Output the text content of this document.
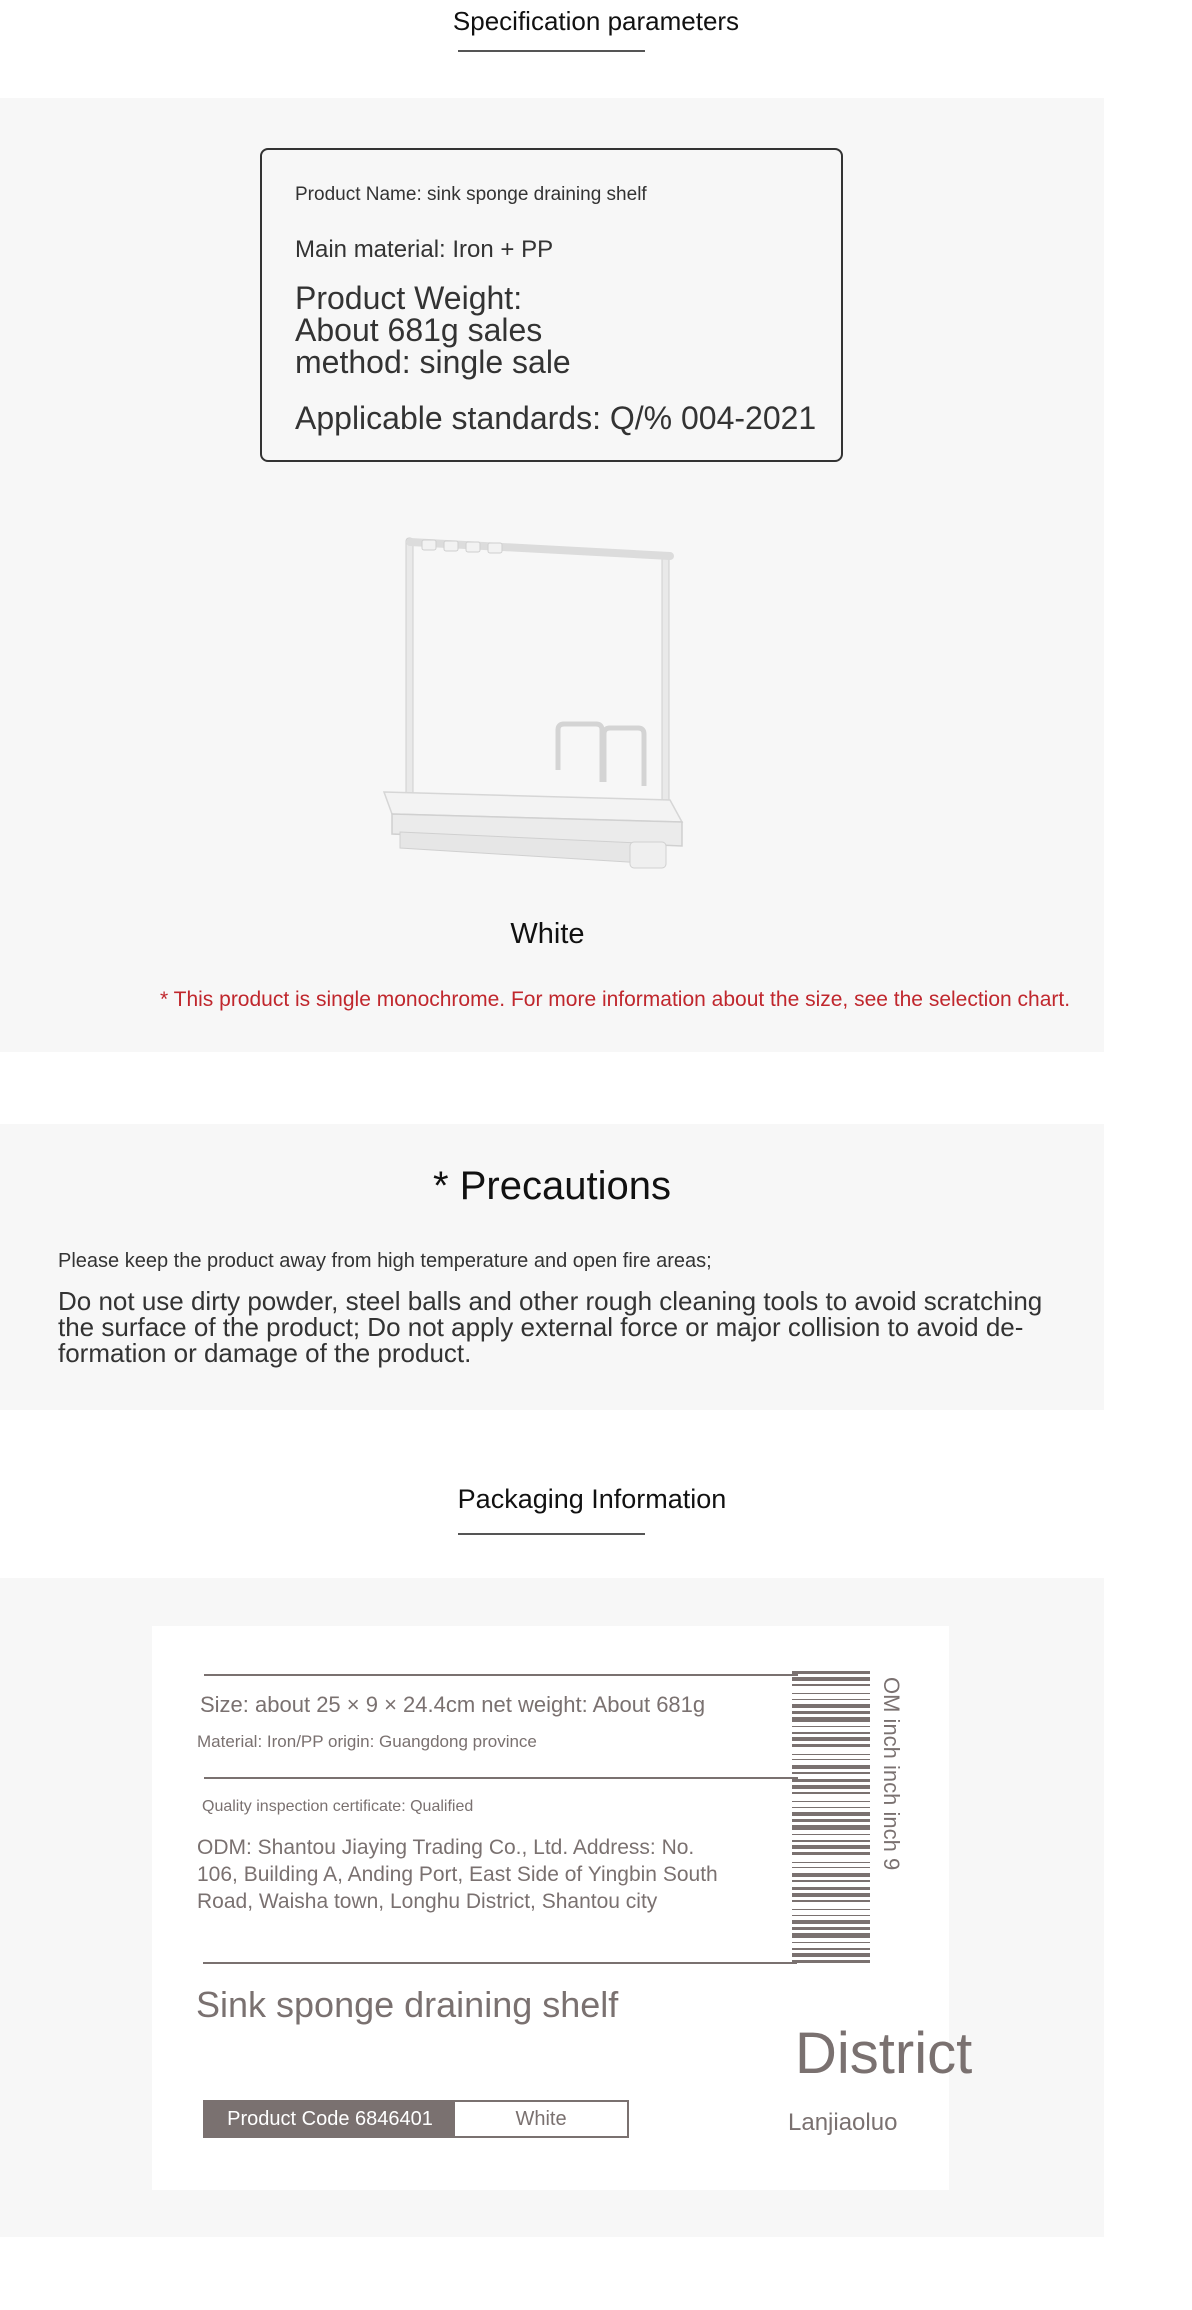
Specification parameters
Product Name: sink sponge draining shelf
Main material: Iron + PP
Product Weight:
About 681g sales
method: single sale
Applicable standards: Q/% 004-2021
White
* This product is single monochrome. For more information about the size, see the selection chart.
* Precautions
Please keep the product away from high temperature and open fire areas;
Do not use dirty powder, steel balls and other rough cleaning tools to avoid scratching the surface of the product; Do not apply external force or major collision to avoid de-formation or damage of the product.
Packaging Information
Size: about 25 × 9 × 24.4cm net weight: About 681g
Material: Iron/PP origin: Guangdong province
Quality inspection certificate: Qualified
ODM: Shantou Jiaying Trading Co., Ltd. Address: No. 106, Building A, Anding Port, East Side of Yingbin South Road, Waisha town, Longhu District, Shantou city
Sink sponge draining shelf
Product Code 6846401	White
OM inch inch inch 9
District
Lanjiaoluo
